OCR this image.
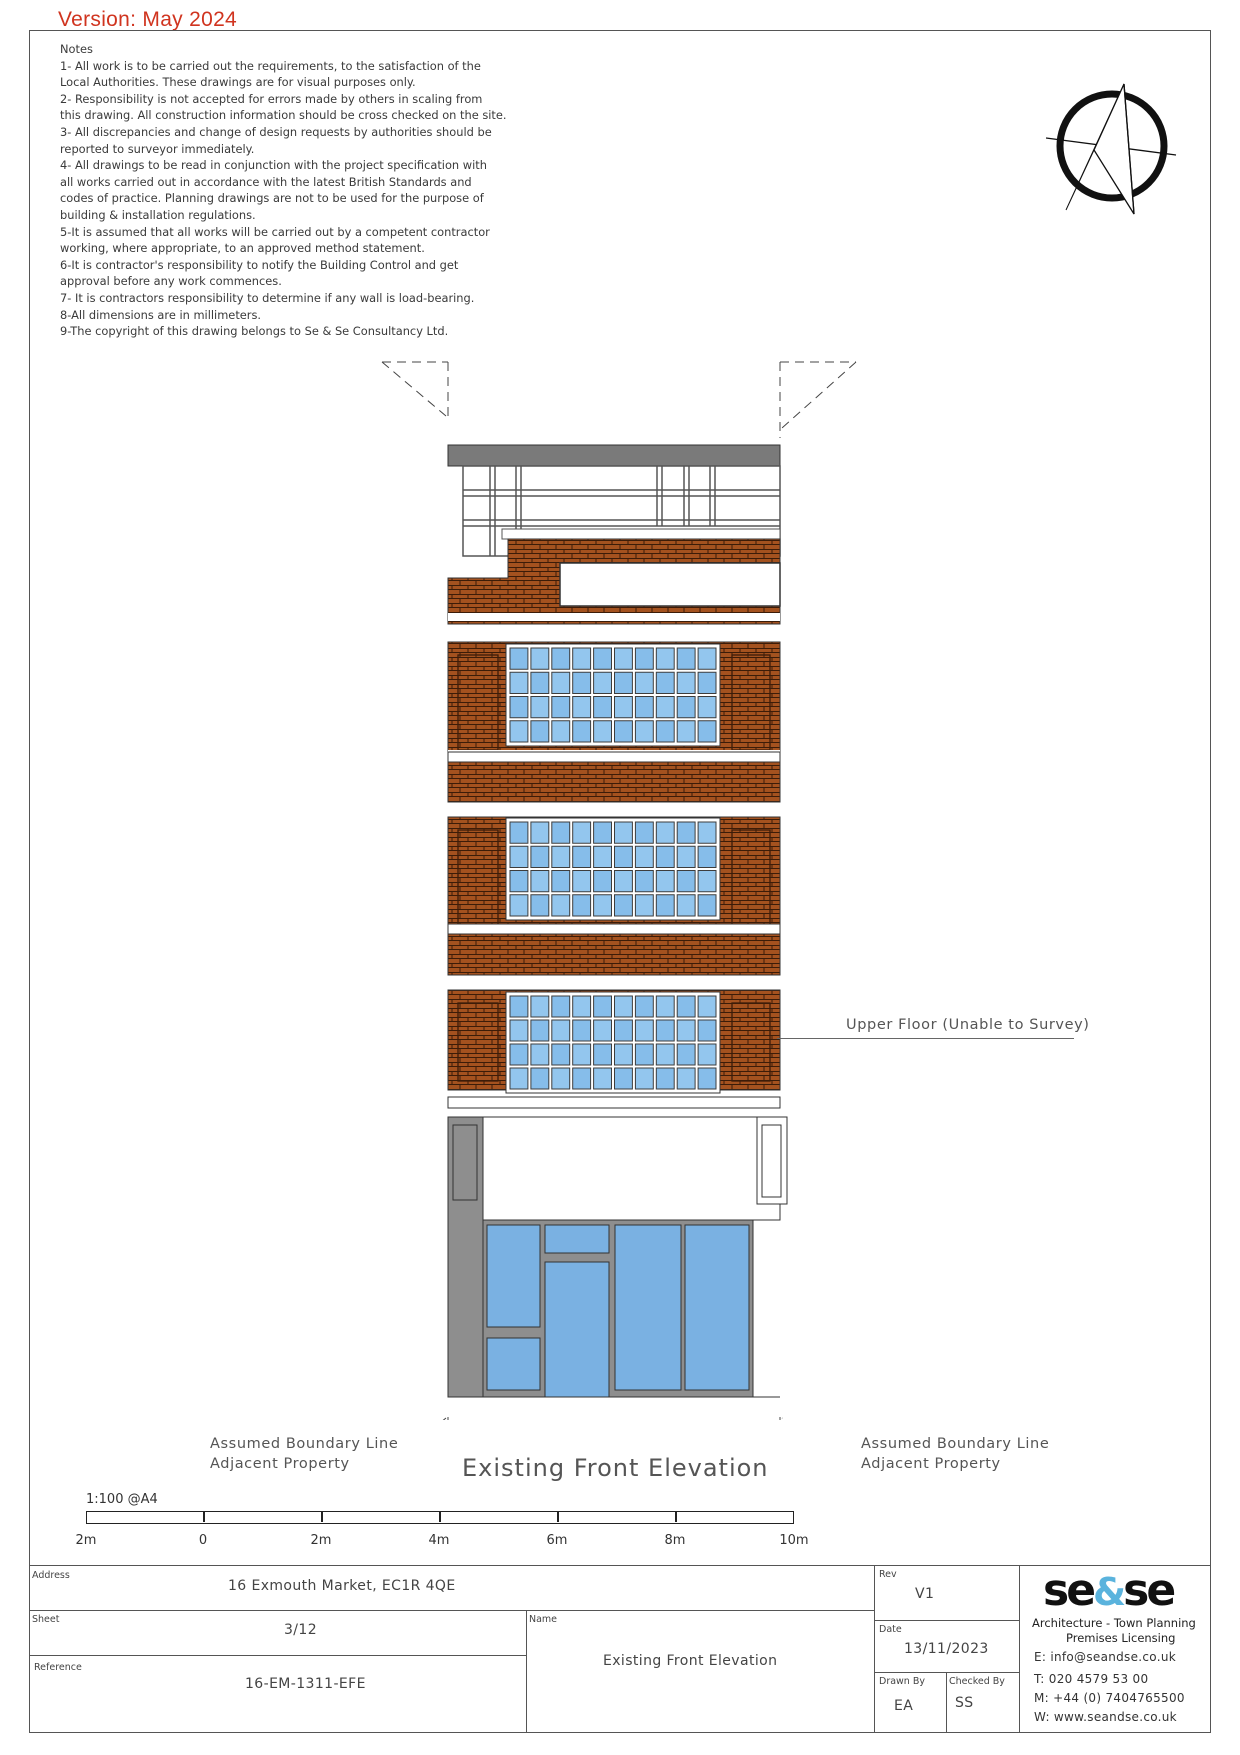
Version: May 2024
Notes
1- All work is to be carried out the requirements, to the satisfaction of the
Local Authorities. These drawings are for visual purposes only.
2- Responsibility is not accepted for errors made by others in scaling from
this drawing. All construction information should be cross checked on the site.
3- All discrepancies and change of design requests by authorities should be
reported to surveyor immediately.
4- All drawings to be read in conjunction with the project specification with
all works carried out in accordance with the latest British Standards and
codes of practice. Planning drawings are not to be used for the purpose of
building & installation regulations.
5-It is assumed that all works will be carried out by a competent contractor
working, where appropriate, to an approved method statement.
6-It is contractor's responsibility to notify the Building Control and get
approval before any work commences.
7- It is contractors responsibility to determine if any wall is load-bearing.
8-All dimensions are in millimeters.
9-The copyright of this drawing belongs to Se & Se Consultancy Ltd.
Assumed Boundary Line
Adjacent Property
Assumed Boundary Line
Adjacent Property
Existing Front Elevation
Upper Floor (Unable to Survey)
1:100 @A4
2m	0	2m	4m	6m	8m	10m
Address
16 Exmouth Market, EC1R 4QE
Sheet
3/12
Reference
16-EM-1311-EFE
Name
Existing Front Elevation
Rev
V1
Date
13/11/2023
Drawn By
EA
Checked By
SS
se&se
Architecture - Town Planning
Premises Licensing
E: info@seandse.co.uk
T: 020 4579 53 00
M: +44 (0) 7404765500
W: www.seandse.co.uk
